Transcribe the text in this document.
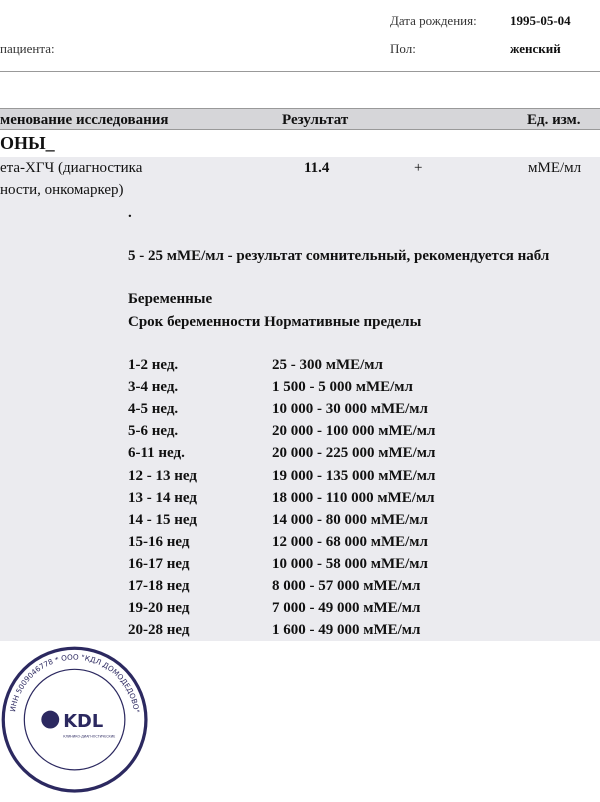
Дата рождения:	1995-05-04
пациента:	Пол:	женский
менование исследования	Результат	Ед. изм.
ОНЫ_
ета-ХГЧ (диагностика
ности, онкомаркер)
11.4	+	мМЕ/мл
.
5 - 25 мМЕ/мл - результат сомнительный, рекомендуется набл
Беременные
Срок беременности Нормативные пределы
1-2 нед.	25 - 300 мМЕ/мл
3-4 нед.	1 500 - 5 000 мМЕ/мл
4-5 нед.	10 000 - 30 000 мМЕ/мл
5-6 нед.	20 000 - 100 000 мМЕ/мл
6-11 нед.	20 000 - 225 000 мМЕ/мл
12 - 13 нед	19 000 - 135 000 мМЕ/мл
13 - 14 нед	18 000 - 110 000 мМЕ/мл
14 - 15 нед	14 000 - 80 000 мМЕ/мл
15-16 нед	12 000 - 68 000 мМЕ/мл
16-17 нед	10 000 - 58 000 мМЕ/мл
17-18 нед	8 000 - 57 000 мМЕ/мл
19-20 нед	7 000 - 49 000 мМЕ/мл
20-28 нед	1 600 - 49 000 мМЕ/мл
ИНН 5009046778 * ООО "КДЛ ДОМОДЕДОВО"
KDL
КЛИНИКО-ДИАГНОСТИЧЕСКИЕ
